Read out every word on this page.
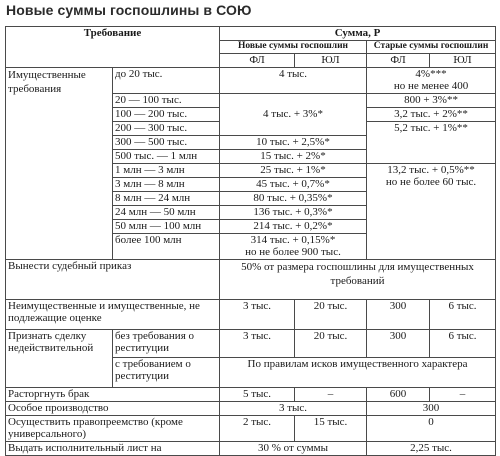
Новые суммы госпошлины в СОЮ
Требование		Сумма, Р			
		Новые суммы госпошлин		Старые суммы госпошлин	
		ФЛ	ЮЛ	ФЛ	ЮЛ
Имущественные требования	до 20 тыс.	4 тыс.		4%***
но не менее 400	

	20 — 100 тыс.	4 тыс. + 3%*		800 + 3%**	
	100 — 200 тыс.			3,2 тыс. + 2%**	
	200 — 300 тыс.			5,2 тыс. + 1%**	
	300 — 500 тыс.	10 тыс. + 2,5%*			
	500 тыс. — 1 млн	15 тыс. + 2%*			
	1 млн — 3 млн	25 тыс. + 1%*		13,2 тыс. + 0,5%**
но не более 60 тыс.	

	3 млн — 8 млн	45 тыс. + 0,7%*			
	8 млн — 24 млн	80 тыс. + 0,35%*			
	24 млн — 50 млн	136 тыс. + 0,3%*			
	50 млн — 100 млн	214 тыс. + 0,2%*			
	более 100 млн	314 тыс. + 0,15%*
но не более 900 тыс.			

Вынести судебный приказ		50% от размера госпошлины для имущественных требований			
Неимущественные и имущественные, не подлежащие оценке		3 тыс.	20 тыс.	300	6 тыс.
Признать сделку недействительной	без требования о реституции	3 тыс.	20 тыс.	300	6 тыс.
	с требованием о реституции	По правилам исков имущественного характера			
Расторгнуть брак		5 тыс.	–	600	–
Особое производство		3 тыс.		300	
Осуществить правопреемство (кроме универсального)		2 тыс.	15 тыс.	0	
Выдать исполнительный лист на		30 % от суммы		2,25 тыс.	
